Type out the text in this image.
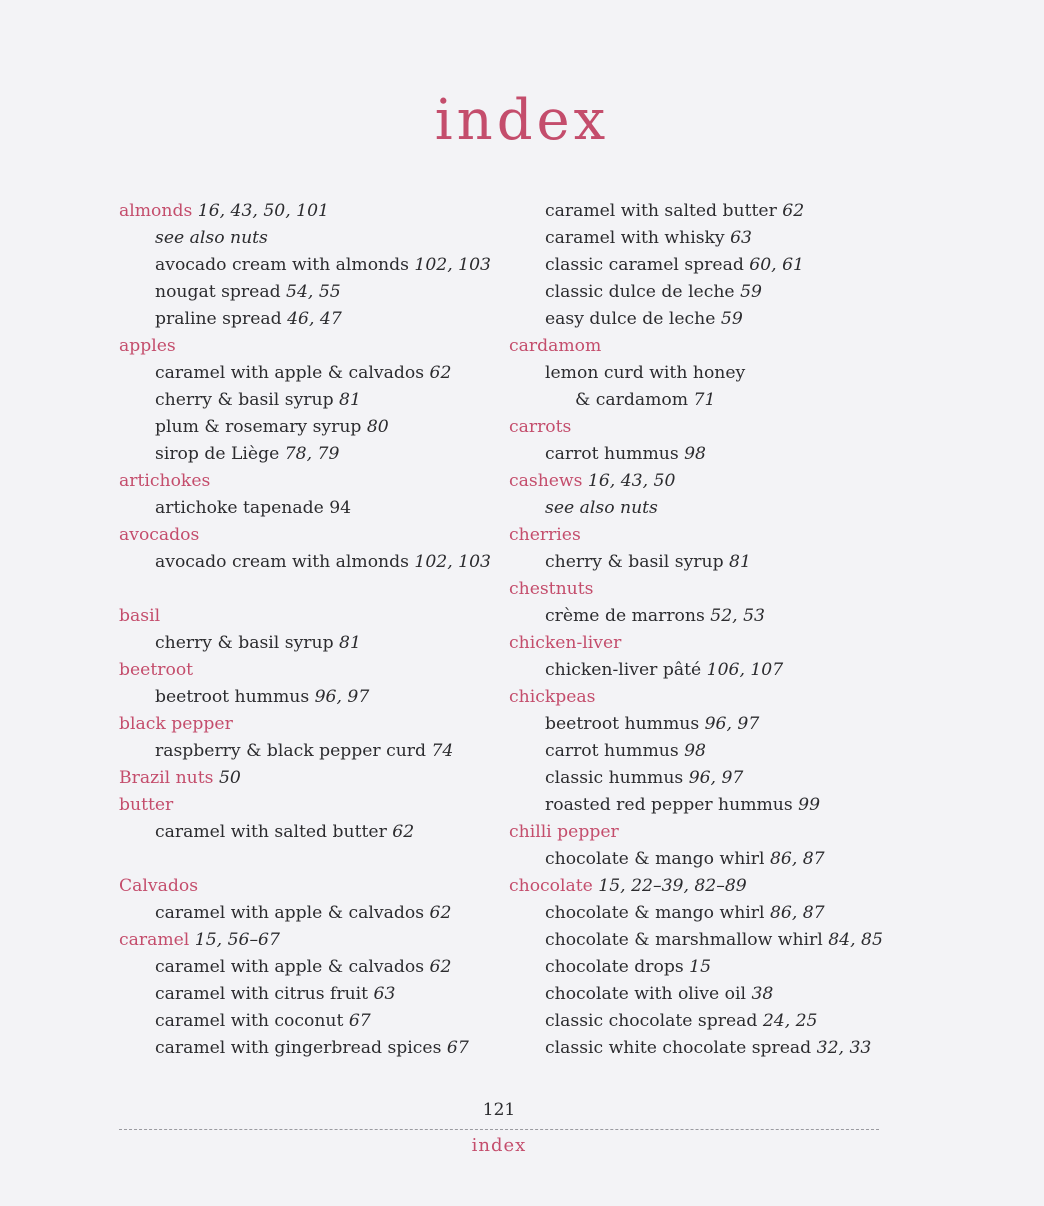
index
almonds 16, 43, 50, 101
see also nuts
avocado cream with almonds 102, 103
nougat spread 54, 55
praline spread 46, 47
apples
caramel with apple & calvados 62
cherry & basil syrup 81
plum & rosemary syrup 80
sirop de Liège 78, 79
artichokes
artichoke tapenade 94
avocados
avocado cream with almonds 102, 103
basil
cherry & basil syrup 81
beetroot
beetroot hummus 96, 97
black pepper
raspberry & black pepper curd 74
Brazil nuts 50
butter
caramel with salted butter 62
Calvados
caramel with apple & calvados 62
caramel 15, 56–67
caramel with apple & calvados 62
caramel with citrus fruit 63
caramel with coconut 67
caramel with gingerbread spices 67
caramel with salted butter 62
caramel with whisky 63
classic caramel spread 60, 61
classic dulce de leche 59
easy dulce de leche 59
cardamom
lemon curd with honey
& cardamom 71
carrots
carrot hummus 98
cashews 16, 43, 50
see also nuts
cherries
cherry & basil syrup 81
chestnuts
crème de marrons 52, 53
chicken-liver
chicken-liver pâté 106, 107
chickpeas
beetroot hummus 96, 97
carrot hummus 98
classic hummus 96, 97
roasted red pepper hummus 99
chilli pepper
chocolate & mango whirl 86, 87
chocolate 15, 22–39, 82–89
chocolate & mango whirl 86, 87
chocolate & marshmallow whirl 84, 85
chocolate drops 15
chocolate with olive oil 38
classic chocolate spread 24, 25
classic white chocolate spread 32, 33
121
index
